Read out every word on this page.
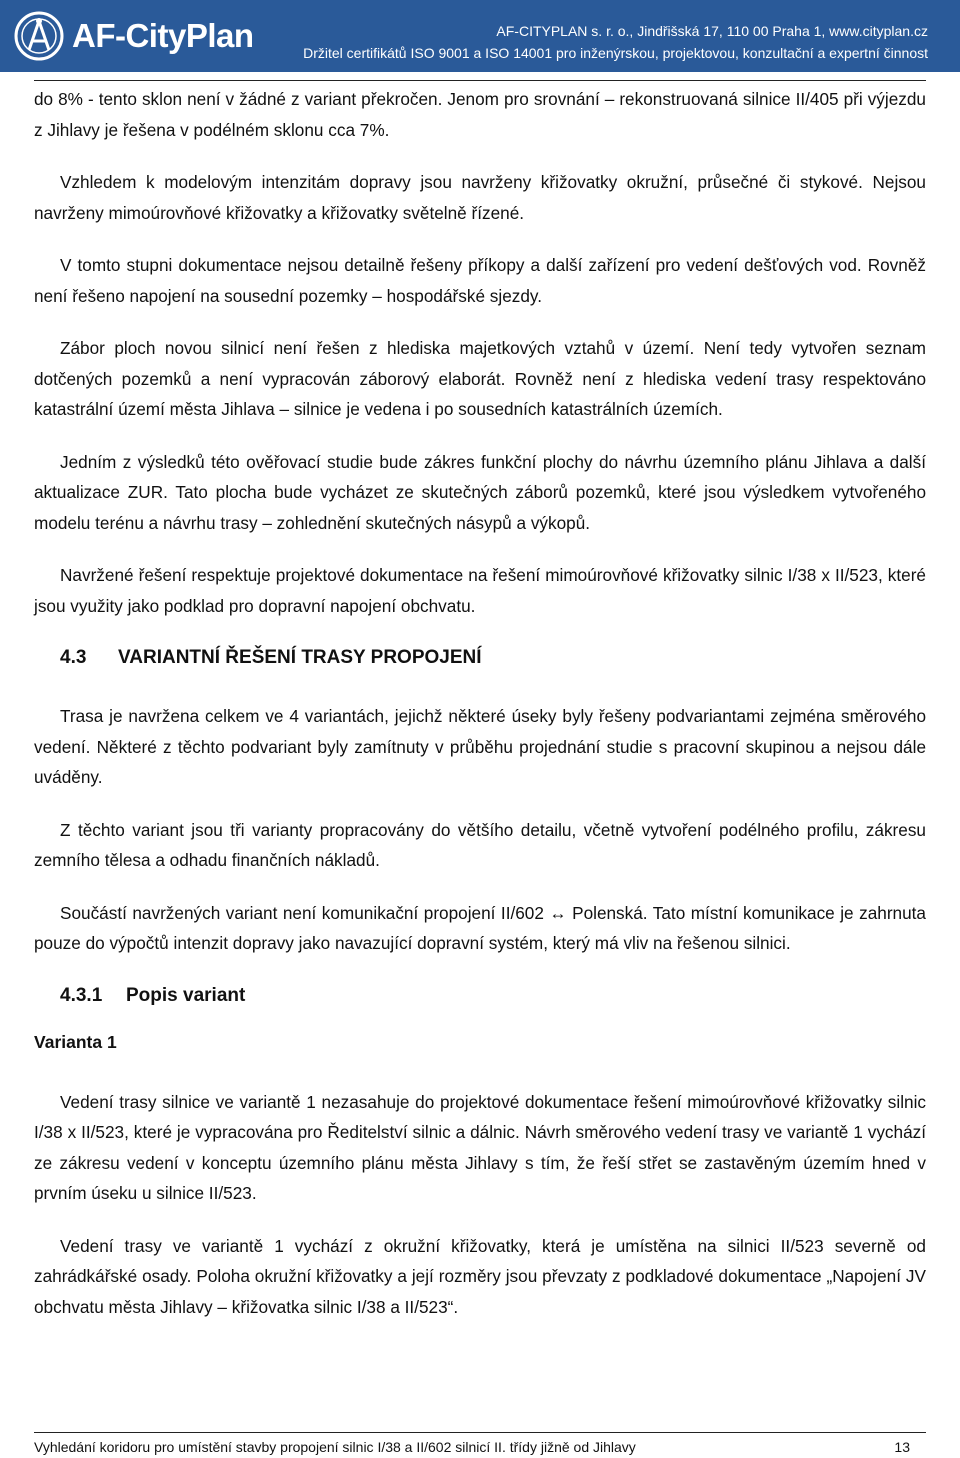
AF-CityPlan	AF-CITYPLAN s. r. o., Jindřišská 17, 110 00 Praha 1, www.cityplan.cz
Držitel certifikátů ISO 9001 a ISO 14001 pro inženýrskou, projektovou, konzultační a expertní činnost

do 8% - tento sklon není v žádné z variant překročen. Jenom pro srovnání – rekonstruovaná silnice II/405 při výjezdu z Jihlavy je řešena v podélném sklonu cca 7%.

Vzhledem k modelovým intenzitám dopravy jsou navrženy křižovatky okružní, průsečné či stykové. Nejsou navrženy mimoúrovňové křižovatky a křižovatky světelně řízené.

V tomto stupni dokumentace nejsou detailně řešeny příkopy a další zařízení pro vedení dešťových vod. Rovněž není řešeno napojení na sousední pozemky – hospodářské sjezdy.

Zábor ploch novou silnicí není řešen z hlediska majetkových vztahů v území. Není tedy vytvořen seznam dotčených pozemků a není vypracován záborový elaborát. Rovněž není z hlediska vedení trasy respektováno katastrální území města Jihlava – silnice je vedena i po sousedních katastrálních územích.

Jedním z výsledků této ověřovací studie bude zákres funkční plochy do návrhu územního plánu Jihlava a další aktualizace ZUR. Tato plocha bude vycházet ze skutečných záborů pozemků, které jsou výsledkem vytvořeného modelu terénu a návrhu trasy – zohlednění skutečných násypů a výkopů.

Navržené řešení respektuje projektové dokumentace na řešení mimoúrovňové křižovatky silnic I/38 x II/523, které jsou využity jako podklad pro dopravní napojení obchvatu.

4.3 VARIANTNÍ ŘEŠENÍ TRASY PROPOJENÍ

Trasa je navržena celkem ve 4 variantách, jejichž některé úseky byly řešeny podvariantami zejména směrového vedení. Některé z těchto podvariant byly zamítnuty v průběhu projednání studie s pracovní skupinou a nejsou dále uváděny.

Z těchto variant jsou tři varianty propracovány do většího detailu, včetně vytvoření podélného profilu, zákresu zemního tělesa a odhadu finančních nákladů.

Součástí navržených variant není komunikační propojení II/602 ↔ Polenská. Tato místní komunikace je zahrnuta pouze do výpočtů intenzit dopravy jako navazující dopravní systém, který má vliv na řešenou silnici.

4.3.1 Popis variant
Varianta 1

Vedení trasy silnice ve variantě 1 nezasahuje do projektové dokumentace řešení mimoúrovňové křižovatky silnic I/38 x II/523, které je vypracována pro Ředitelství silnic a dálnic. Návrh směrového vedení trasy ve variantě 1 vychází ze zákresu vedení v konceptu územního plánu města Jihlavy s tím, že řeší střet se zastavěným územím hned v prvním úseku u silnice II/523.

Vedení trasy ve variantě 1 vychází z okružní křižovatky, která je umístěna na silnici II/523 severně od zahrádkářské osady. Poloha okružní křižovatky a její rozměry jsou převzaty z podkladové dokumentace „Napojení JV obchvatu města Jihlavy – křižovatka silnic I/38 a II/523“.

Vyhledání koridoru pro umístění stavby propojení silnic I/38 a II/602 silnicí II. třídy jižně od Jihlavy	13
